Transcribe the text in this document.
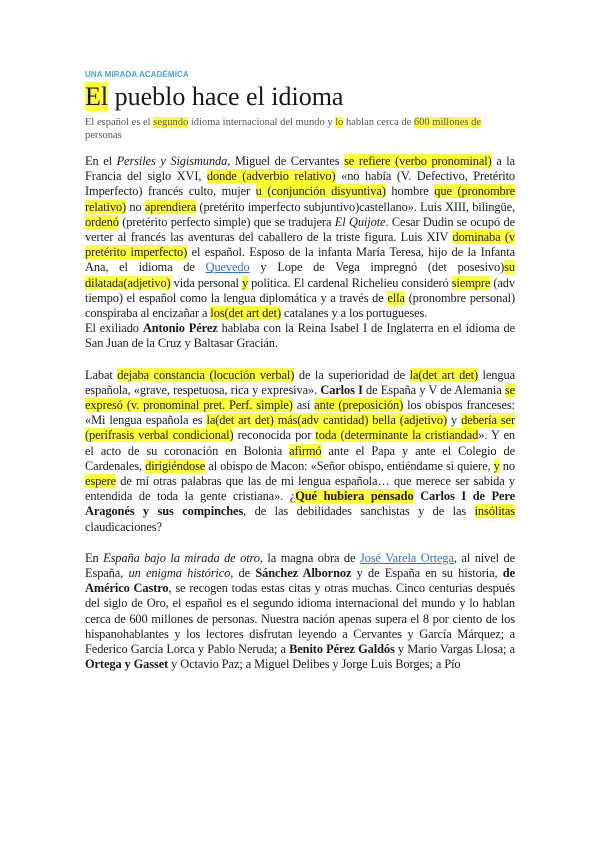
UNA MIRADA ACADÉMICA
El pueblo hace el idioma
El español es el segundo idioma internacional del mundo y lo hablan cerca de 600 millones de personas

En el Persiles y Sigismunda, Miguel de Cervantes se refiere (verbo pronominal) a la Francia del siglo XVI, donde (adverbio relativo) «no había (V. Defectivo, Pretérito Imperfecto) francés culto, mujer u (conjunción disyuntiva) hombre que (pronombre relativo) no aprendiera (pretérito imperfecto subjuntivo)castellano». Luis XIII, bilingüe, ordenó (pretérito perfecto simple) que se tradujera El Quijote. Cesar Dudin se ocupó de verter al francés las aventuras del caballero de la triste figura. Luis XIV dominaba (v pretérito imperfecto) el español. Esposo de la infanta María Teresa, hijo de la Infanta Ana, el idioma de Quevedo y Lope de Vega impregnó (det posesivo)su dilatada(adjetivo) vida personal y política. El cardenal Richelieu consideró siempre (adv tiempo) el español como la lengua diplomática y a través de ella (pronombre personal) conspiraba al encizañar a los(det art det) catalanes y a los portugueses.
El exiliado Antonio Pérez hablaba con la Reina Isabel I de Inglaterra en el idioma de San Juan de la Cruz y Baltasar Gracián.

Labat dejaba constancia (locución verbal) de la superioridad de la(det art det) lengua española, «grave, respetuosa, rica y expresiva». Carlos I de España y V de Alemania se expresó (v. pronominal pret. Perf. simple) así ante (preposición) los obispos franceses: «Mi lengua española es la(det art det) más(adv cantidad) bella (adjetivo) y debería ser (perífrasis verbal condicional) reconocida por toda (determinante la cristiandad». Y en el acto de su coronación en Bolonia afirmó ante el Papa y ante el Colegio de Cardenales, dirigiéndose al obispo de Macon: «Señor obispo, entiéndame si quiere, y no espere de mí otras palabras que las de mi lengua española… que merece ser sabida y entendida de toda la gente cristiana». ¿Qué hubiera pensado Carlos I de Pere Aragonés y sus compinches, de las debilidades sanchistas y de las insólitas claudicaciones?

En España bajo la mirada de otro, la magna obra de José Varela Ortega, al nivel de España, un enigma histórico, de Sánchez Albornoz y de España en su historia, de Américo Castro, se recogen todas estas citas y otras muchas. Cinco centurias después del siglo de Oro, el español es el segundo idioma internacional del mundo y lo hablan cerca de 600 millones de personas. Nuestra nación apenas supera el 8 por ciento de los hispanohablantes y los lectores disfrutan leyendo a Cervantes y García Márquez; a Federico García Lorca y Pablo Neruda; a Benito Pérez Galdós y Mario Vargas Llosa; a Ortega y Gasset y Octavio Paz; a Miguel Delibes y Jorge Luis Borges; a Pío
